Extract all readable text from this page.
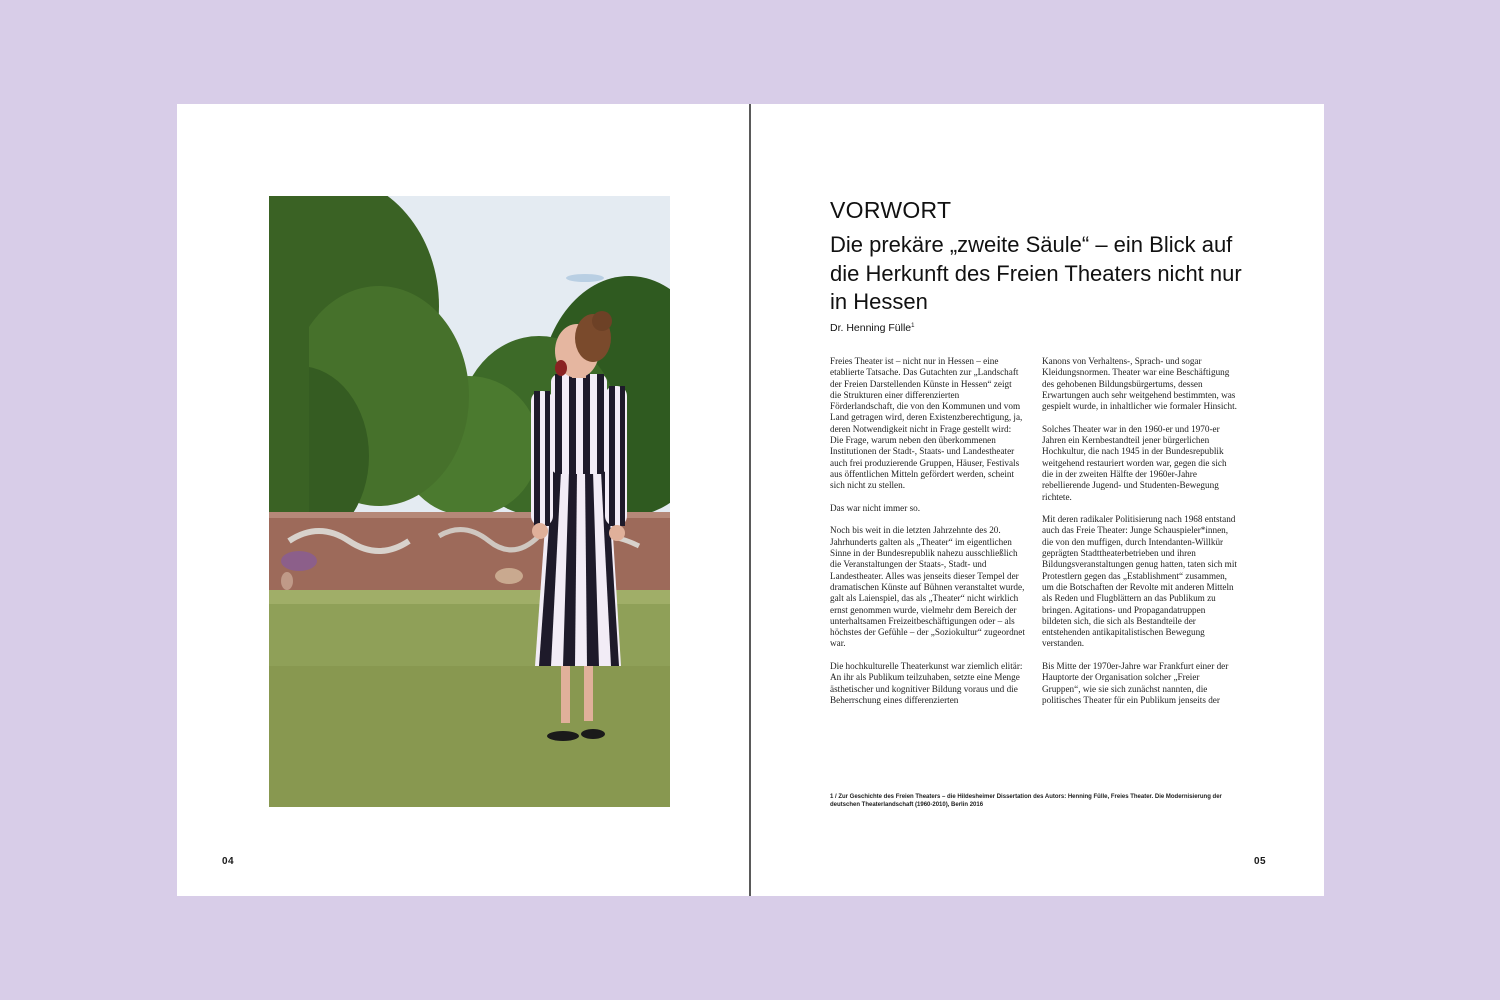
04
VORWORT
Die prekäre „zweite Säule“ – ein Blick auf die Herkunft des Freien Theaters nicht nur in Hessen
Dr. Henning Fülle$^1$

Freies Theater ist – nicht nur in Hessen – eine etablierte Tatsache. Das Gutachten zur „Landschaft der Freien Darstellenden Künste in Hessen“ zeigt die Strukturen einer differenzierten Förderlandschaft, die von den Kommunen und vom Land getragen wird, deren Existenzberechtigung, ja, deren Notwendigkeit nicht in Frage gestellt wird: Die Frage, warum neben den überkommenen Institutionen der Stadt-, Staats- und Landestheater auch frei produzierende Gruppen, Häuser, Festivals aus öffentlichen Mitteln gefördert werden, scheint sich nicht zu stellen.

Das war nicht immer so.

Noch bis weit in die letzten Jahrzehnte des 20. Jahrhunderts galten als „Theater“ im eigentlichen Sinne in der Bundesrepublik nahezu ausschließlich die Veranstaltungen der Staats-, Stadt- und Landestheater. Alles was jenseits dieser Tempel der dramatischen Künste auf Bühnen veranstaltet wurde, galt als Laienspiel, das als „Theater“ nicht wirklich ernst genommen wurde, vielmehr dem Bereich der unterhaltsamen Freizeitbeschäftigungen oder – als höchstes der Gefühle – der „Soziokultur“ zugeordnet war.

Die hochkulturelle Theaterkunst war ziemlich elitär: An ihr als Publikum teilzuhaben, setzte eine Menge ästhetischer und kognitiver Bildung voraus und die Beherrschung eines differenzierten

Kanons von Verhaltens-, Sprach- und sogar Kleidungsnormen. Theater war eine Beschäftigung des gehobenen Bildungsbürgertums, dessen Erwartungen auch sehr weitgehend bestimmten, was gespielt wurde, in inhaltlicher wie formaler Hinsicht.

Solches Theater war in den 1960-er und 1970-er Jahren ein Kernbestandteil jener bürgerlichen Hochkultur, die nach 1945 in der Bundesrepublik weitgehend restauriert worden war, gegen die sich die in der zweiten Hälfte der 1960er-Jahre rebellierende Jugend- und Studenten-Bewegung richtete.

Mit deren radikaler Politisierung nach 1968 entstand auch das Freie Theater: Junge Schauspieler*innen, die von den muffigen, durch Intendanten-Willkür geprägten Stadttheaterbetrieben und ihren Bildungsveranstaltungen genug hatten, taten sich mit Protestlern gegen das „Establishment“ zusammen, um die Botschaften der Revolte mit anderen Mitteln als Reden und Flugblättern an das Publikum zu bringen. Agitations- und Propagandatruppen bildeten sich, die sich als Bestandteile der entstehenden antikapitalistischen Bewegung verstanden.

Bis Mitte der 1970er-Jahre war Frankfurt einer der Hauptorte der Organisation solcher „Freier Gruppen“, wie sie sich zunächst nannten, die politisches Theater für ein Publikum jenseits der

1 / Zur Geschichte des Freien Theaters – die Hildesheimer Dissertation des Autors: Henning Fülle, Freies Theater. Die Modernisierung der deutschen Theaterlandschaft (1960-2010), Berlin 2016
05
